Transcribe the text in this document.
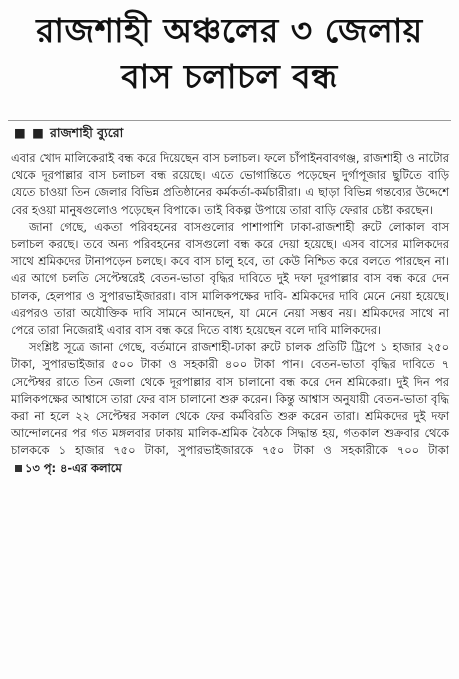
রাজশাহী অঞ্চলের ৩ জেলায়
বাস চলাচল বন্ধ
■ ■ রাজশাহী ব্যুরো

এবার খোদ মালিকেরাই বন্ধ করে দিয়েছেন বাস চলাচল। ফলে চাঁপাইনবাবগঞ্জ, রাজশাহী ও নাটোর থেকে দূরপাল্লার বাস চলাচল বন্ধ রয়েছে। এতে ভোগান্তিতে পড়েছেন দুর্গাপূজার ছুটিতে বাড়ি যেতে চাওয়া তিন জেলার বিভিন্ন প্রতিষ্ঠানের কর্মকর্তা-কর্মচারীরা। এ ছাড়া বিভিন্ন গন্তব্যের উদ্দেশে বের হওয়া মানুষগুলোও পড়েছেন বিপাকে। তাই বিকল্প উপায়ে তারা বাড়ি ফেরার চেষ্টা করছেন।

জানা গেছে, একতা পরিবহনের বাসগুলোর পাশাপাশি ঢাকা-রাজশাহী রুটে লোকাল বাস চলাচল করছে। তবে অন্য পরিবহনের বাসগুলো বন্ধ করে দেয়া হয়েছে। এসব বাসের মালিকদের সাথে শ্রমিকদের টানাপড়েন চলছে। কবে বাস চালু হবে, তা কেউ নিশ্চিত করে বলতে পারছেন না। এর আগে চলতি সেপ্টেম্বরেই বেতন-ভাতা বৃদ্ধির দাবিতে দুই দফা দূরপাল্লার বাস বন্ধ করে দেন চালক, হেলপার ও সুপারভাইজাররা। বাস মালিকপক্ষের দাবি- শ্রমিকদের দাবি মেনে নেয়া হয়েছে। এরপরও তারা অযৌক্তিক দাবি সামনে আনছেন, যা মেনে নেয়া সম্ভব নয়। শ্রমিকদের সাথে না পেরে তারা নিজেরাই এবার বাস বন্ধ করে দিতে বাধ্য হয়েছেন বলে দাবি মালিকদের।

সংশ্লিষ্ট সূত্রে জানা গেছে, বর্তমানে রাজশাহী-ঢাকা রুটে চালক প্রতিটি ট্রিপে ১ হাজার ২৫০ টাকা, সুপারভাইজার ৫০০ টাকা ও সহকারী ৪০০ টাকা পান। বেতন-ভাতা বৃদ্ধির দাবিতে ৭ সেপ্টেম্বর রাতে তিন জেলা থেকে দূরপাল্লার বাস চালানো বন্ধ করে দেন শ্রমিকেরা। দুই দিন পর মালিকপক্ষের আশ্বাসে তারা ফের বাস চালানো শুরু করেন। কিন্তু আশ্বাস অনুযায়ী বেতন-ভাতা বৃদ্ধি করা না হলে ২২ সেপ্টেম্বর সকাল থেকে ফের কর্মবিরতি শুরু করেন তারা। শ্রমিকদের দুই দফা আন্দোলনের পর গত মঙ্গলবার ঢাকায় মালিক-শ্রমিক বৈঠকে সিদ্ধান্ত হয়, গতকাল শুক্রবার থেকে চালককে ১ হাজার ৭৫০ টাকা, সুপারভাইজারকে ৭৫০ টাকা ও সহকারীকে ৭০০ টাকা ১৩ পৃ: ৪-এর কলামে
